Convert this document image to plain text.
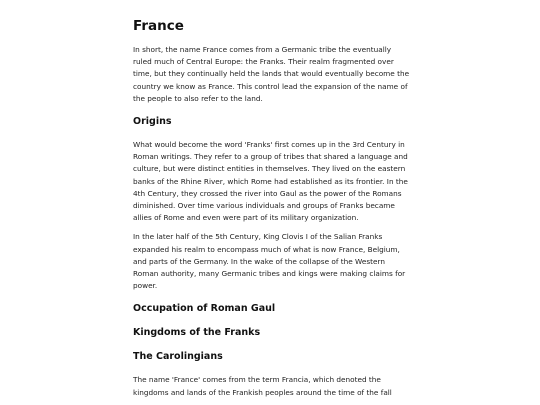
France

In short, the name France comes from a Germanic tribe the eventually ruled much of Central Europe: the Franks. Their realm fragmented over time, but they continually held the lands that would eventually become the country we know as France. This control lead the expansion of the name of the people to also refer to the land.

Origins

What would become the word 'Franks' first comes up in the 3rd Century in Roman writings. They refer to a group of tribes that shared a language and culture, but were distinct entities in themselves. They lived on the eastern banks of the Rhine River, which Rome had established as its frontier. In the 4th Century, they crossed the river into Gaul as the power of the Romans diminished. Over time various individuals and groups of Franks became allies of Rome and even were part of its military organization.

In the later half of the 5th Century, King Clovis I of the Salian Franks expanded his realm to encompass much of what is now France, Belgium, and parts of the Germany. In the wake of the collapse of the Western Roman authority, many Germanic tribes and kings were making claims for power.

Occupation of Roman Gaul
Kingdoms of the Franks
The Carolingians

The name 'France' comes from the term Francia, which denoted the kingdoms and lands of the Frankish peoples around the time of the fall
